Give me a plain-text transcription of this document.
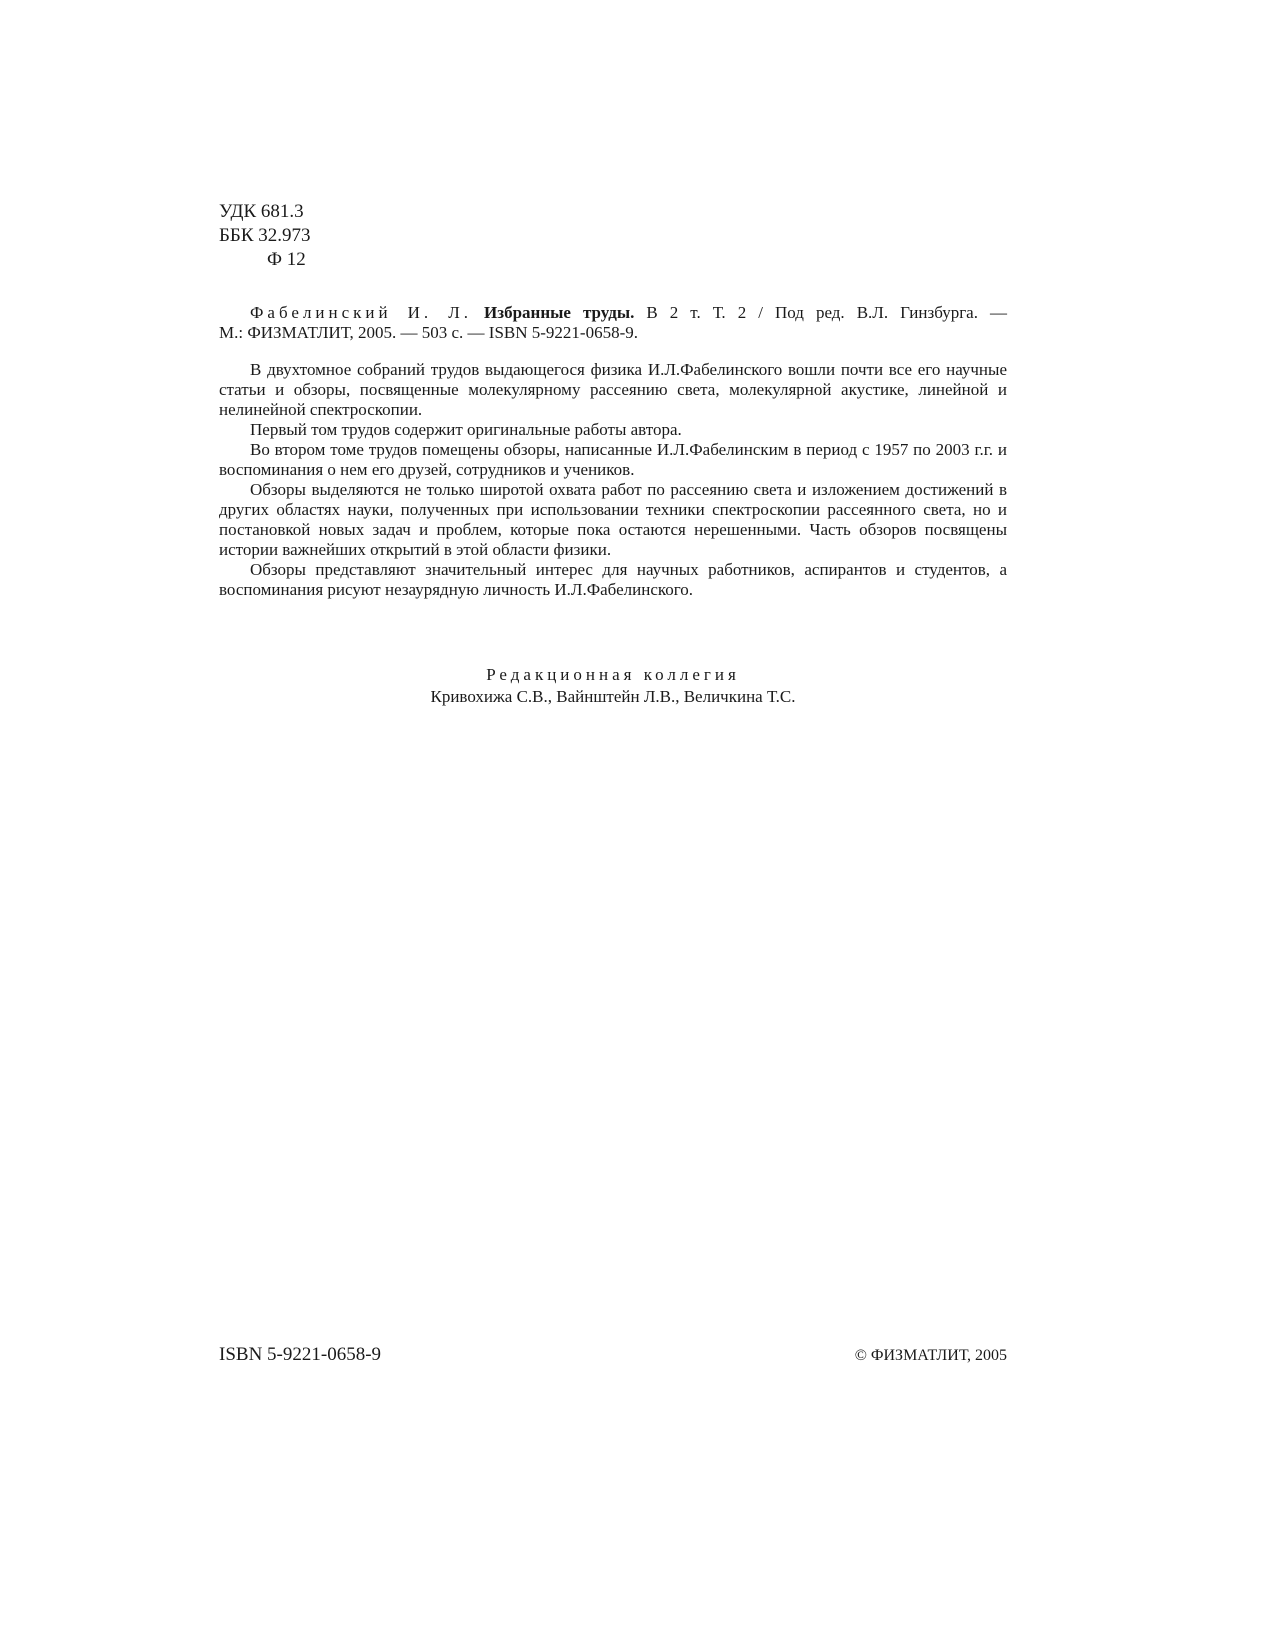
УДК 681.3
ББК 32.973
Ф 12
Фабелинский И. Л. Избранные труды. В 2 т. Т. 2 / Под ред. В.Л. Гинзбурга. —
М.: ФИЗМАТЛИТ, 2005. — 503 с. — ISBN 5-9221-0658-9.

В двухтомное собраний трудов выдающегося физика И.Л.Фабелинского вошли почти все его научные статьи и обзоры, посвященные молекулярному рассеянию света, молекулярной акустике, линейной и нелинейной спектроскопии.

Первый том трудов содержит оригинальные работы автора.

Во втором томе трудов помещены обзоры, написанные И.Л.Фабелинским в период с 1957 по 2003 г.г. и воспоминания о нем его друзей, сотрудников и учеников.

Обзоры выделяются не только широтой охвата работ по рассеянию света и изложением достижений в других областях науки, полученных при использовании техники спектроскопии рассеянного света, но и постановкой новых задач и проблем, которые пока остаются нерешенными. Часть обзоров посвящены истории важнейших открытий в этой области физики.

Обзоры представляют значительный интерес для научных работников, аспирантов и студентов, а воспоминания рисуют незаурядную личность И.Л.Фабелинского.

Редакционная коллегия
Кривохижа С.В., Вайнштейн Л.В., Величкина Т.С.
ISBN 5-9221-0658-9	© ФИЗМАТЛИТ, 2005
